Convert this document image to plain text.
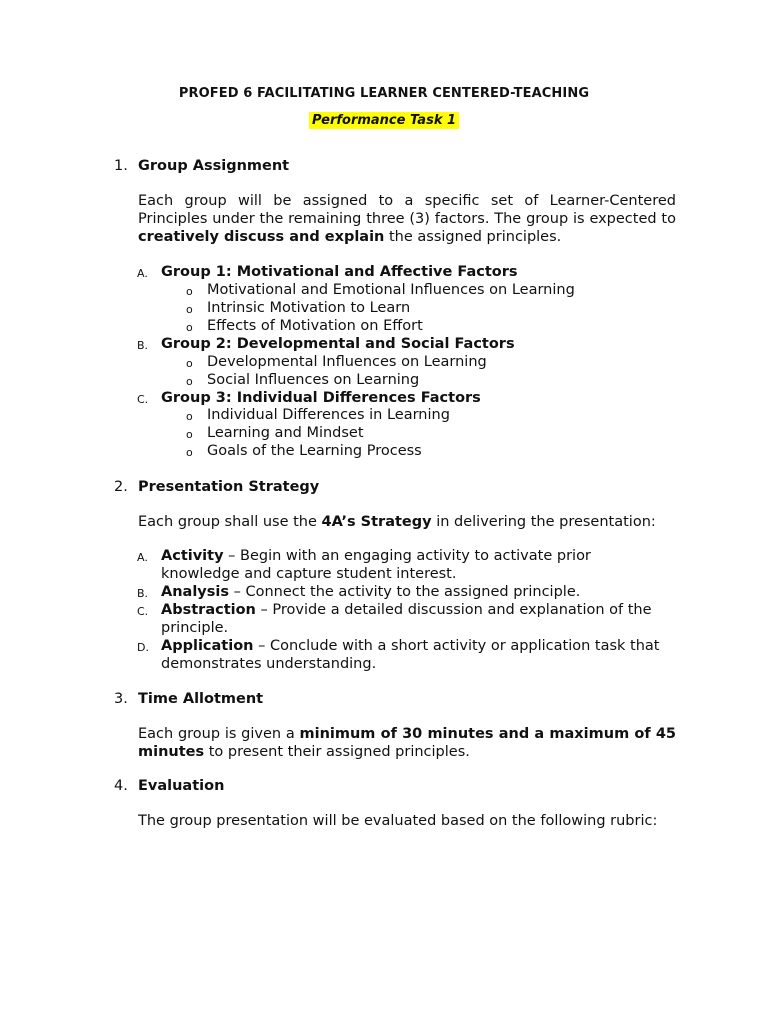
PROFED 6 FACILITATING LEARNER CENTERED-TEACHING
Performance Task 1
1. Group Assignment
Each group will be assigned to a specific set of Learner-Centered Principles under the remaining three (3) factors. The group is expected to creatively discuss and explain the assigned principles.
A. Group 1: Motivational and Affective Factors
o Motivational and Emotional Influences on Learning
o Intrinsic Motivation to Learn
o Effects of Motivation on Effort
B. Group 2: Developmental and Social Factors
o Developmental Influences on Learning
o Social Influences on Learning
C. Group 3: Individual Differences Factors
o Individual Differences in Learning
o Learning and Mindset
o Goals of the Learning Process
2. Presentation Strategy
Each group shall use the 4A’s Strategy in delivering the presentation:
A. Activity – Begin with an engaging activity to activate prior knowledge and capture student interest.
B. Analysis – Connect the activity to the assigned principle.
C. Abstraction – Provide a detailed discussion and explanation of the principle.
D. Application – Conclude with a short activity or application task that demonstrates understanding.
3. Time Allotment
Each group is given a minimum of 30 minutes and a maximum of 45 minutes to present their assigned principles.
4. Evaluation
The group presentation will be evaluated based on the following rubric:
